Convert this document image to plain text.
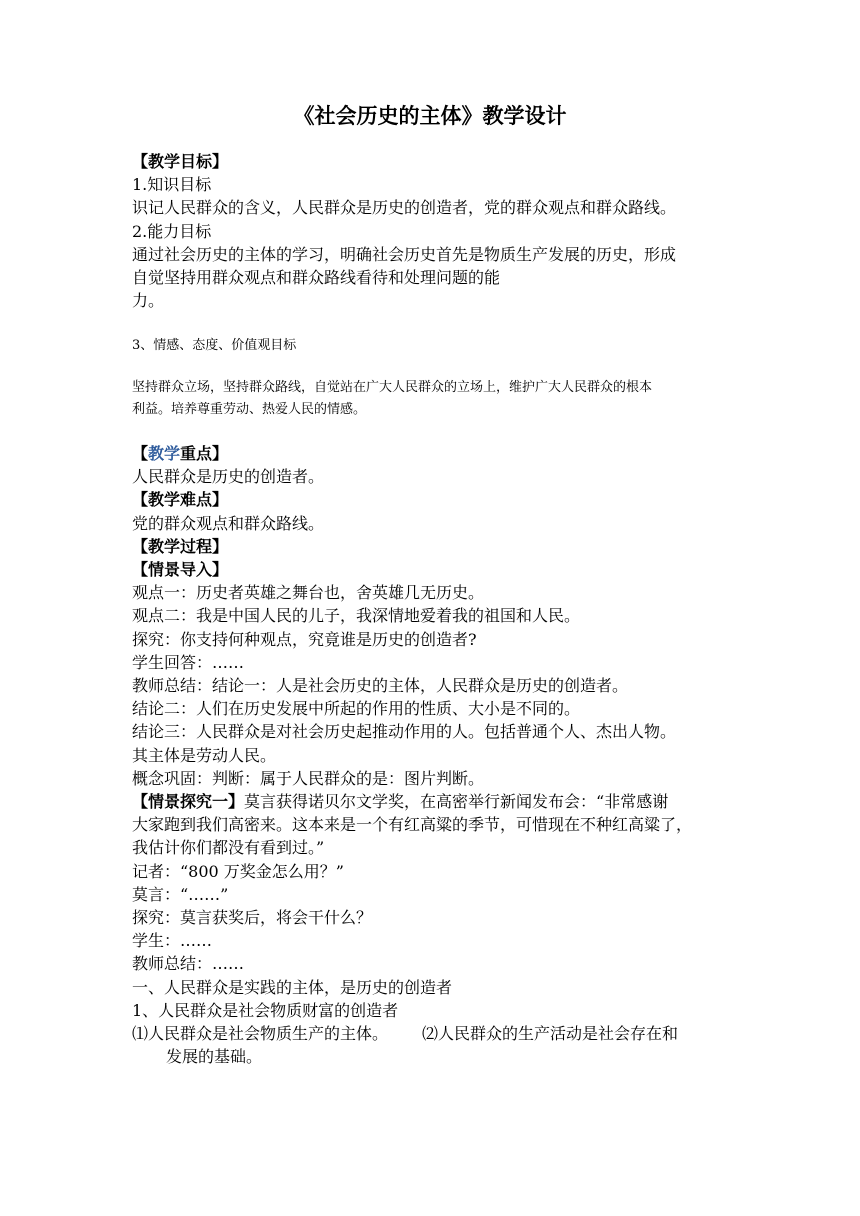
《社会历史的主体》教学设计
【教学目标】
1.知识目标
识记人民群众的含义，人民群众是历史的创造者，党的群众观点和群众路线。
2.能力目标
通过社会历史的主体的学习，明确社会历史首先是物质生产发展的历史，形成
自觉坚持用群众观点和群众路线看待和处理问题的能
力。
3、情感、态度、价值观目标
坚持群众立场，坚持群众路线，自觉站在广大人民群众的立场上，维护广大人民群众的根本
利益。培养尊重劳动、热爱人民的情感。
【教学重点】
人民群众是历史的创造者。
【教学难点】
党的群众观点和群众路线。
【教学过程】
【情景导入】
观点一：历史者英雄之舞台也，舍英雄几无历史。
观点二：我是中国人民的儿子，我深情地爱着我的祖国和人民。
探究：你支持何种观点，究竟谁是历史的创造者?
学生回答：……
教师总结：结论一：人是社会历史的主体，人民群众是历史的创造者。
结论二：人们在历史发展中所起的作用的性质、大小是不同的。
结论三：人民群众是对社会历史起推动作用的人。包括普通个人、杰出人物。
其主体是劳动人民。
概念巩固：判断：属于人民群众的是：图片判断。
【情景探究一】莫言获得诺贝尔文学奖，在高密举行新闻发布会：“非常感谢
大家跑到我们高密来。这本来是一个有红高粱的季节，可惜现在不种红高粱了，
我估计你们都没有看到过。”
记者：“800 万奖金怎么用？”
莫言：“……”
探究：莫言获奖后，将会干什么？
学生：……
教师总结：……
一、人民群众是实践的主体，是历史的创造者
1、人民群众是社会物质财富的创造者
⑴人民群众是社会物质生产的主体。 ⑵人民群众的生产活动是社会存在和
发展的基础。
